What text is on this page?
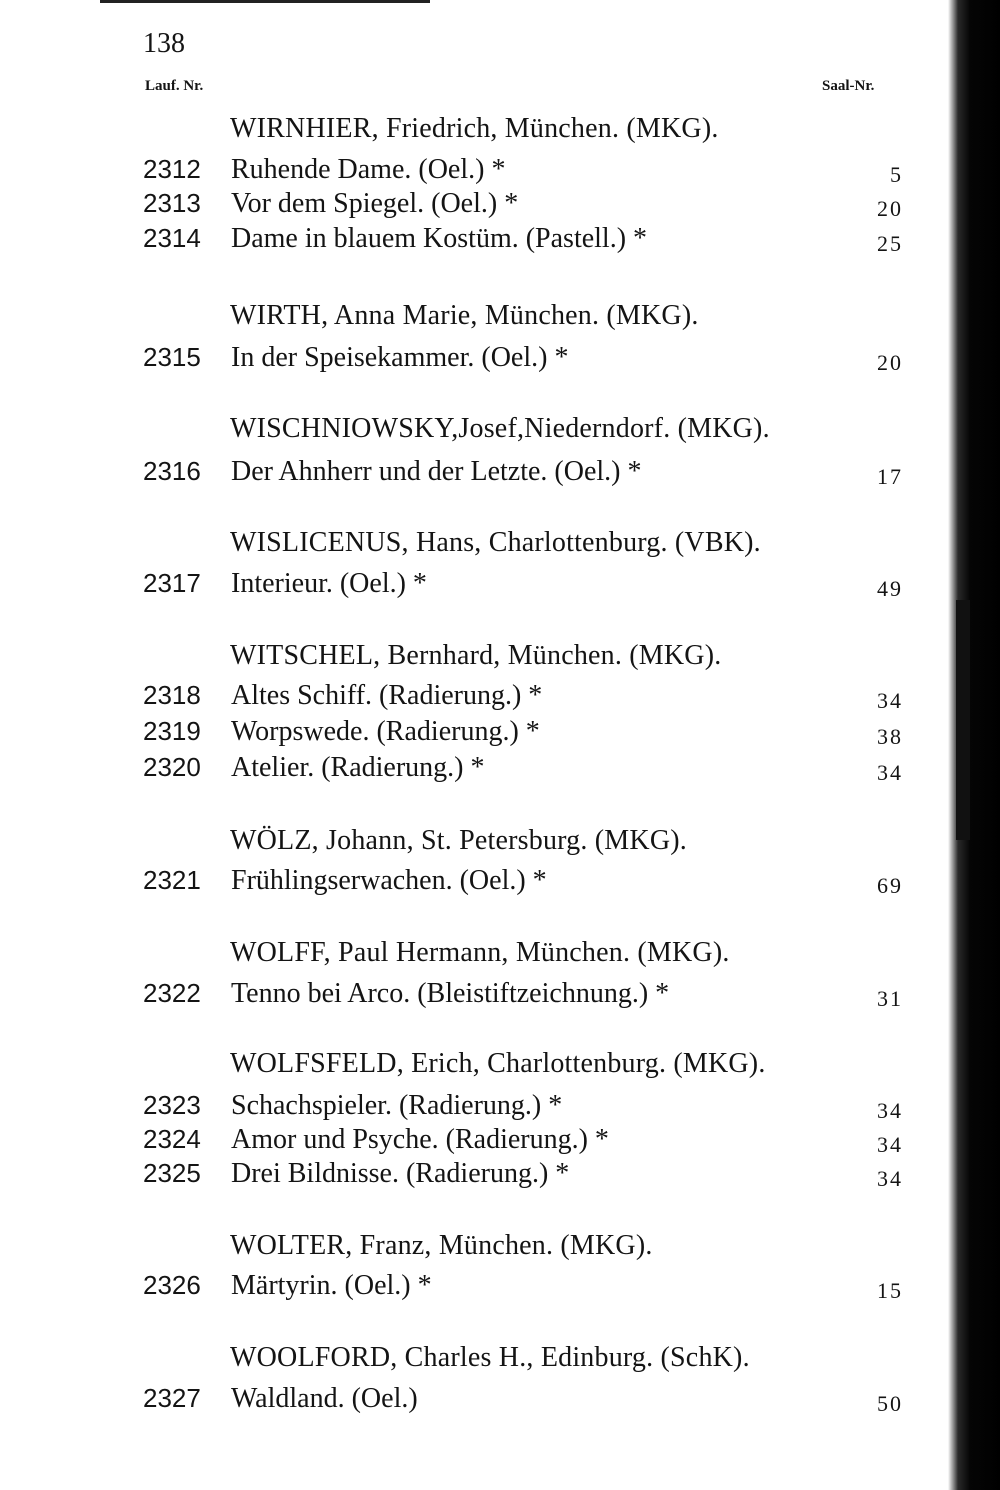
138
Lauf. Nr.	Saal-Nr.
WIRNHIER, Friedrich, München. (MKG).
2312 Ruhende Dame. (Oel.) *	5
2313 Vor dem Spiegel. (Oel.) *	20
2314 Dame in blauem Kostüm. (Pastell.) *	25
WIRTH, Anna Marie, München. (MKG).
2315 In der Speisekammer. (Oel.) *	20
WISCHNIOWSKY,Josef,Niederndorf. (MKG).
2316 Der Ahnherr und der Letzte. (Oel.) *	17
WISLICENUS, Hans, Charlottenburg. (VBK).
2317 Interieur. (Oel.) *	49
WITSCHEL, Bernhard, München. (MKG).
2318 Altes Schiff. (Radierung.) *	34
2319 Worpswede. (Radierung.) *	38
2320 Atelier. (Radierung.) *	34
WÖLZ, Johann, St. Petersburg. (MKG).
2321 Frühlingserwachen. (Oel.) *	69
WOLFF, Paul Hermann, München. (MKG).
2322 Tenno bei Arco. (Bleistiftzeichnung.) *	31
WOLFSFELD, Erich, Charlottenburg. (MKG).
2323 Schachspieler. (Radierung.) *	34
2324 Amor und Psyche. (Radierung.) *	34
2325 Drei Bildnisse. (Radierung.) *	34
WOLTER, Franz, München. (MKG).
2326 Märtyrin. (Oel.) *	15
WOOLFORD, Charles H., Edinburg. (SchK).
2327 Waldland. (Oel.)	50
